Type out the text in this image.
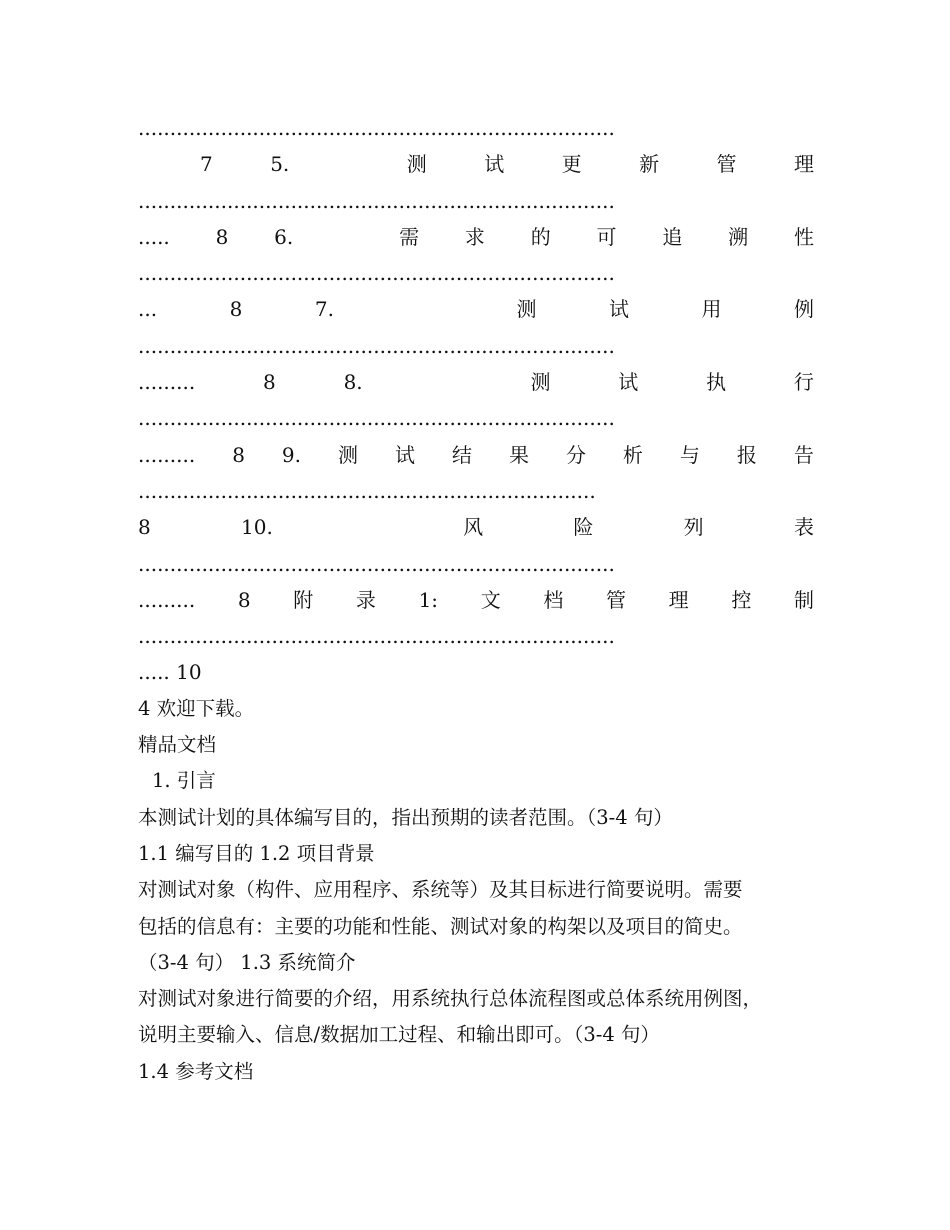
...........................................................................
7	5.	测	试	更	新	管	理
...........................................................................
..... 8 6.	需 求 的 可 追 溯 性
...........................................................................
...	8	7.	测	试	用	例
...........................................................................
.........	8	8.	测	试	执	行
...........................................................................
......... 8 9. 测 试 结 果 分 析 与 报 告
........................................................................
8	10.	风	险	列	表
...........................................................................
......... 8 附 录 1: 文 档 管 理 控 制
...........................................................................
..... 10
4 欢迎下载。
精品文档
1. 引言
本测试计划的具体编写目的，指出预期的读者范围。（3-4 句）
1.1 编写目的 1.2 项目背景
对测试对象（构件、应用程序、系统等）及其目标进行简要说明。需要
包括的信息有：主要的功能和性能、测试对象的构架以及项目的简史。
（3-4 句） 1.3 系统简介
对测试对象进行简要的介绍，用系统执行总体流程图或总体系统用例图，
说明主要输入、信息/数据加工过程、和输出即可。（3-4 句）
1.4 参考文档
